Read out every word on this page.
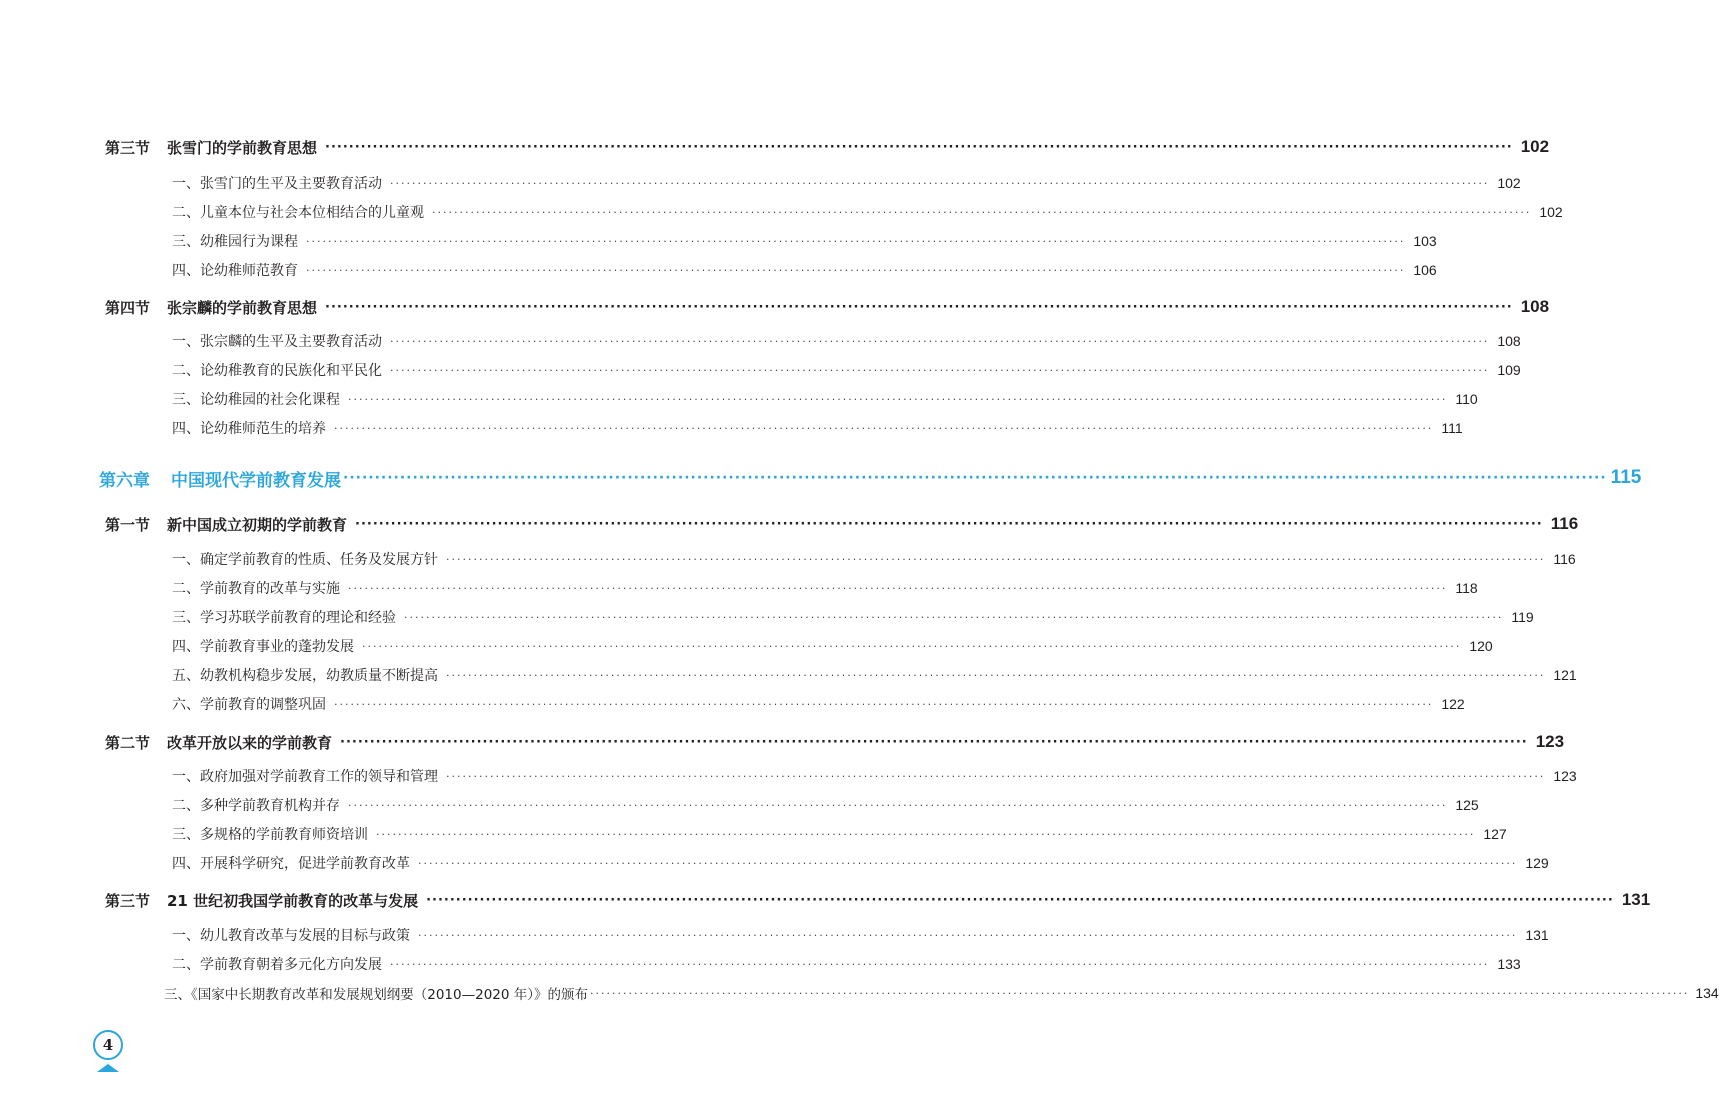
第三节 张雪门的学前教育思想 ········································································································································································································ 102
一、张雪门的生平及主要教育活动 ········································································································································································································ 102
二、儿童本位与社会本位相结合的儿童观 ········································································································································································································ 102
三、幼稚园行为课程 ········································································································································································································ 103
四、论幼稚师范教育 ········································································································································································································ 106
第四节 张宗麟的学前教育思想 ········································································································································································································ 108
一、张宗麟的生平及主要教育活动 ········································································································································································································ 108
二、论幼稚教育的民族化和平民化 ········································································································································································································ 109
三、论幼稚园的社会化课程 ········································································································································································································ 110
四、论幼稚师范生的培养 ········································································································································································································ 111
第六章 中国现代学前教育发展 ········································································································································································································ 115
第一节 新中国成立初期的学前教育 ········································································································································································································ 116
一、确定学前教育的性质、任务及发展方针 ········································································································································································································ 116
二、学前教育的改革与实施 ········································································································································································································ 118
三、学习苏联学前教育的理论和经验 ········································································································································································································ 119
四、学前教育事业的蓬勃发展 ········································································································································································································ 120
五、幼教机构稳步发展，幼教质量不断提高 ········································································································································································································ 121
六、学前教育的调整巩固 ········································································································································································································ 122
第二节 改革开放以来的学前教育 ········································································································································································································ 123
一、政府加强对学前教育工作的领导和管理 ········································································································································································································ 123
二、多种学前教育机构并存 ········································································································································································································ 125
三、多规格的学前教育师资培训 ········································································································································································································ 127
四、开展科学研究，促进学前教育改革 ········································································································································································································ 129
第三节 21 世纪初我国学前教育的改革与发展 ········································································································································································································ 131
一、幼儿教育改革与发展的目标与政策 ········································································································································································································ 131
二、学前教育朝着多元化方向发展 ········································································································································································································ 133
三、《国家中长期教育改革和发展规划纲要（2010—2020 年）》的颁布 ········································································································································································································ 134
4
